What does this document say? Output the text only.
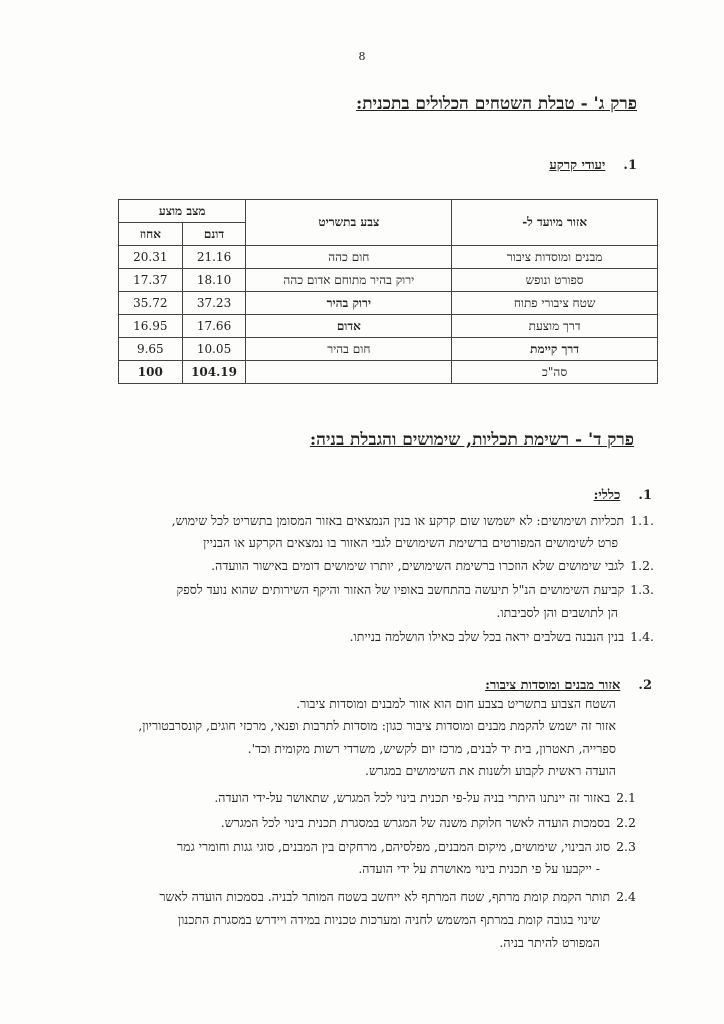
8
פרק ג' - טבלת השטחים הכלולים בתכנית:
1.    יעודי קרקע
אזור מיועד ל-	צבע בתשריט	מצב מוצע	
		דונם	אחוז
מבנים ומוסדות ציבור	חום כהה	21.16	20.31
ספורט ונופש	ירוק בהיר מתוחם אדום כהה	18.10	17.37
שטח ציבורי פתוח	ירוק בהיר	37.23	35.72
דרך מוצעת	אדום	17.66	16.95
דרך קיימת	חום בהיר	10.05	9.65
סה"כ		104.19	100
פרק ד' - רשימת תכליות, שימושים והגבלת בניה:
1.    כללי:
1.1.תכליות ושימושים: לא ישמשו שום קרקע או בנין הנמצאים באזור המסומן בתשריט לכל שימוש,
פרט לשימושים המפורטים ברשימת השימושים לגבי האזור בו נמצאים הקרקע או הבניין
1.2.לגבי שימושים שלא הוזכרו ברשימת השימושים, יותרו שימושים דומים באישור הוועדה.
1.3.קביעת השימושים הנ"ל תיעשה בהתחשב באופיו של האזור והיקף השירותים שהוא נועד לספק
הן לתושבים והן לסביבתו.
1.4.בנין הנבנה בשלבים יראה בכל שלב כאילו הושלמה בנייתו.
2.    אזור מבנים ומוסדות ציבור:
השטח הצבוע בתשריט בצבע חום הוא אזור למבנים ומוסדות ציבור.
אזור זה ישמש להקמת מבנים ומוסדות ציבור כגון: מוסדות לתרבות ופנאי, מרכזי חוגים, קונסרבטוריון,
ספרייה, תאטרון, בית יד לבנים, מרכז יום לקשיש, משרדי רשות מקומית וכד'.
הועדה ראשית לקבוע ולשנות את השימושים במגרש.
2.1באזור זה יינתנו היתרי בניה על-פי תכנית בינוי לכל המגרש, שתאושר על-ידי הועדה.
2.2בסמכות הועדה לאשר חלוקת משנה של המגרש במסגרת תכנית בינוי לכל המגרש.
2.3סוג הבינוי, שימושים, מיקום המבנים, מפלסיהם, מרחקים בין המבנים, סוגי גגות וחומרי גמר
- ייקבעו על פי תכנית בינוי מאושרת על ידי הועדה.
2.4תותר הקמת קומת מרתף, שטח המרתף לא ייחשב בשטח המותר לבניה. בסמכות הועדה לאשר
שינוי בגובה קומת במרתף המשמש לחניה ומערכות טכניות במידה ויידרש במסגרת התכנון
המפורט להיתר בניה.
